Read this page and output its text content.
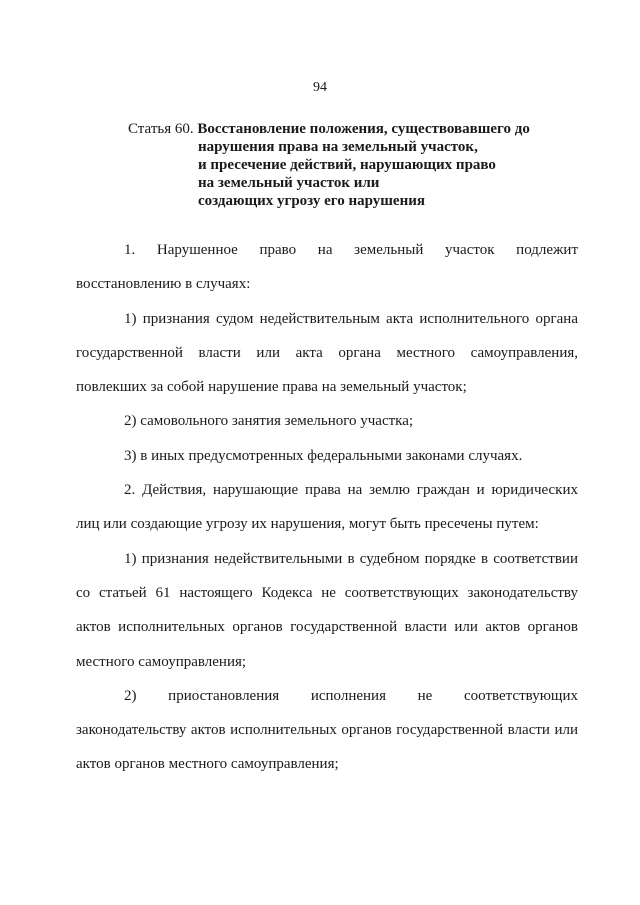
94
Статья 60. Восстановление положения, существовавшего до
нарушения права на земельный участок,
и пресечение действий, нарушающих право
на земельный участок или
создающих угрозу его нарушения

1. Нарушенное право на земельный участок подлежит восстановлению в случаях:

1) признания судом недействительным акта исполнительного органа государственной власти или акта органа местного самоуправления, повлекших за собой нарушение права на земельный участок;

2) самовольного занятия земельного участка;

3) в иных предусмотренных федеральными законами случаях.

2. Действия, нарушающие права на землю граждан и юридических лиц или создающие угрозу их нарушения, могут быть пресечены путем:

1) признания недействительными в судебном порядке в соответствии со статьей 61 настоящего Кодекса не соответствующих законодательству актов исполнительных органов государственной власти или актов органов местного самоуправления;

2) приостановления исполнения не соответствующих законодательству актов исполнительных органов государственной власти или актов органов местного самоуправления;
